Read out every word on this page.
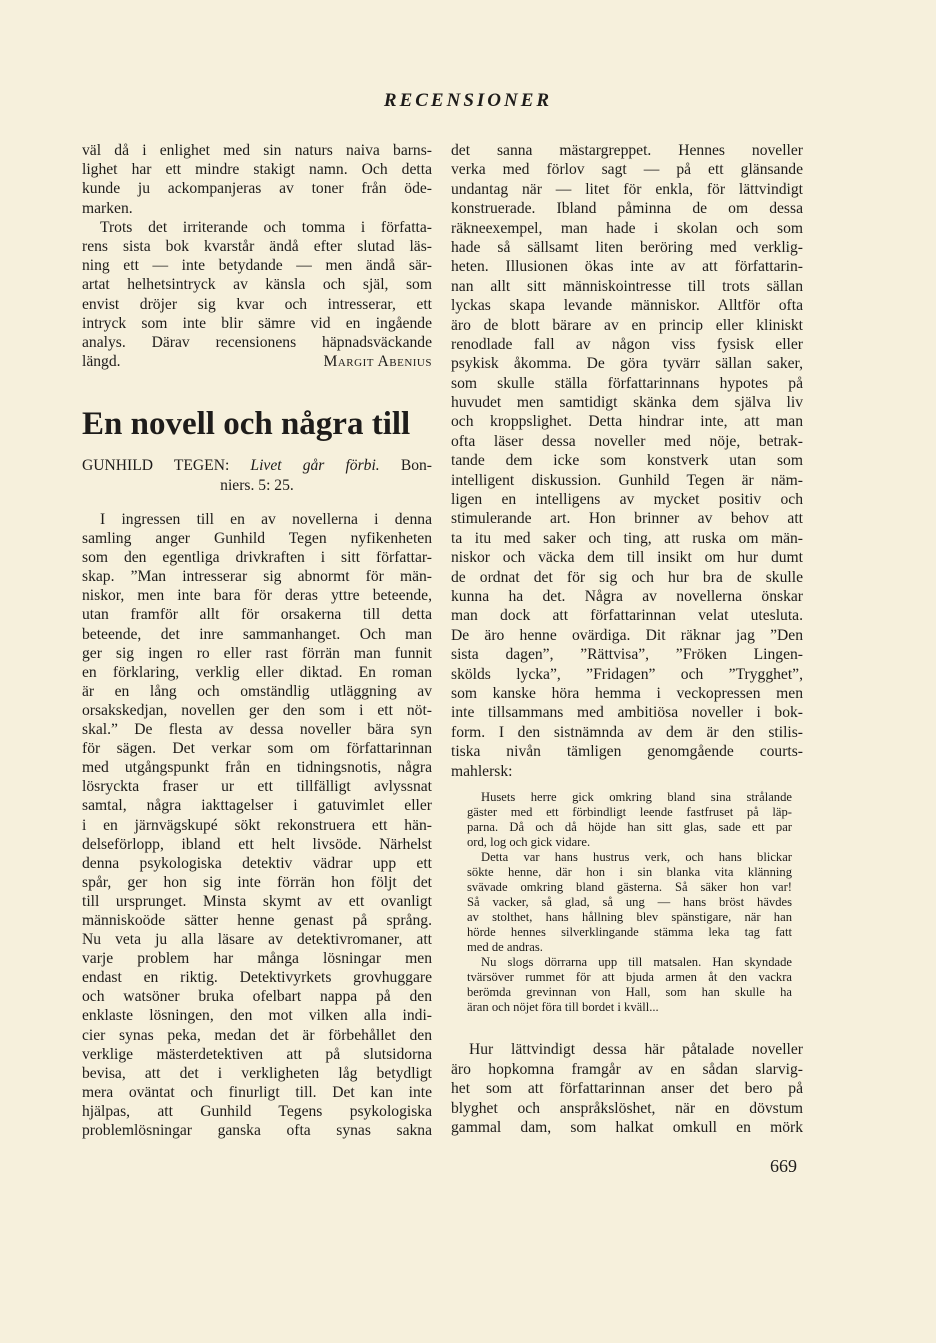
RECENSIONER
väl då i enlighet med sin naturs naiva barns-
lighet har ett mindre stakigt namn. Och detta
kunde ju ackompanjeras av toner från öde-
marken.
Trots det irriterande och tomma i författa-
rens sista bok kvarstår ändå efter slutad läs-
ning ett — inte betydande — men ändå sär-
artat helhetsintryck av känsla och själ, som
envist dröjer sig kvar och intresserar, ett
intryck som inte blir sämre vid en ingående
analys. Därav recensionens häpnadsväckande
längd.	Margit Abenius
En novell och några till
GUNHILD TEGEN: Livet går förbi. Bon-
niers. 5: 25.
I ingressen till en av novellerna i denna
samling anger Gunhild Tegen nyfikenheten
som den egentliga drivkraften i sitt författar-
skap. ”Man intresserar sig abnormt för män-
niskor, men inte bara för deras yttre beteende,
utan framför allt för orsakerna till detta
beteende, det inre sammanhanget. Och man
ger sig ingen ro eller rast förrän man funnit
en förklaring, verklig eller diktad. En roman
är en lång och omständlig utläggning av
orsakskedjan, novellen ger den som i ett nöt-
skal.” De flesta av dessa noveller bära syn
för sägen. Det verkar som om författarinnan
med utgångspunkt från en tidningsnotis, några
lösryckta fraser ur ett tillfälligt avlyssnat
samtal, några iakttagelser i gatuvimlet eller
i en järnvägskupé sökt rekonstruera ett hän-
delseförlopp, ibland ett helt livsöde. Närhelst
denna psykologiska detektiv vädrar upp ett
spår, ger hon sig inte förrän hon följt det
till ursprunget. Minsta skymt av ett ovanligt
människoöde sätter henne genast på språng.
Nu veta ju alla läsare av detektivromaner, att
varje problem har många lösningar men
endast en riktig. Detektivyrkets grovhuggare
och watsöner bruka ofelbart nappa på den
enklaste lösningen, den mot vilken alla indi-
cier synas peka, medan det är förbehållet den
verklige mästerdetektiven att på slutsidorna
bevisa, att det i verkligheten låg betydligt
mera oväntat och finurligt till. Det kan inte
hjälpas, att Gunhild Tegens psykologiska
problemlösningar ganska ofta synas sakna
det sanna mästargreppet. Hennes noveller
verka med förlov sagt — på ett glänsande
undantag när — litet för enkla, för lättvindigt
konstruerade. Ibland påminna de om dessa
räkneexempel, man hade i skolan och som
hade så sällsamt liten beröring med verklig-
heten. Illusionen ökas inte av att författarin-
nan allt sitt människointresse till trots sällan
lyckas skapa levande människor. Alltför ofta
äro de blott bärare av en princip eller kliniskt
renodlade fall av någon viss fysisk eller
psykisk åkomma. De göra tyvärr sällan saker,
som skulle ställa författarinnans hypotes på
huvudet men samtidigt skänka dem själva liv
och kroppslighet. Detta hindrar inte, att man
ofta läser dessa noveller med nöje, betrak-
tande dem icke som konstverk utan som
intelligent diskussion. Gunhild Tegen är näm-
ligen en intelligens av mycket positiv och
stimulerande art. Hon brinner av behov att
ta itu med saker och ting, att ruska om män-
niskor och väcka dem till insikt om hur dumt
de ordnat det för sig och hur bra de skulle
kunna ha det. Några av novellerna önskar
man dock att författarinnan velat utesluta.
De äro henne ovärdiga. Dit räknar jag ”Den
sista dagen”, ”Rättvisa”, ”Fröken Lingen-
skölds lycka”, ”Fridagen” och ”Trygghet”,
som kanske höra hemma i veckopressen men
inte tillsammans med ambitiösa noveller i bok-
form. I den sistnämnda av dem är den stilis-
tiska nivån tämligen genomgående courts-
mahlersk:
Husets herre gick omkring bland sina strålande
gäster med ett förbindligt leende fastfruset på läp-
parna. Då och då höjde han sitt glas, sade ett par
ord, log och gick vidare.
Detta var hans hustrus verk, och hans blickar
sökte henne, där hon i sin blanka vita klänning
svävade omkring bland gästerna. Så säker hon var!
Så vacker, så glad, så ung — hans bröst hävdes
av stolthet, hans hållning blev spänstigare, när han
hörde hennes silverklingande stämma leka tag fatt
med de andras.
Nu slogs dörrarna upp till matsalen. Han skyndade
tvärsöver rummet för att bjuda armen åt den vackra
berömda grevinnan von Hall, som han skulle ha
äran och nöjet föra till bordet i kväll...
Hur lättvindigt dessa här påtalade noveller
äro hopkomna framgår av en sådan slarvig-
het som att författarinnan anser det bero på
blyghet och anspråkslöshet, när en dövstum
gammal dam, som halkat omkull en mörk
669
